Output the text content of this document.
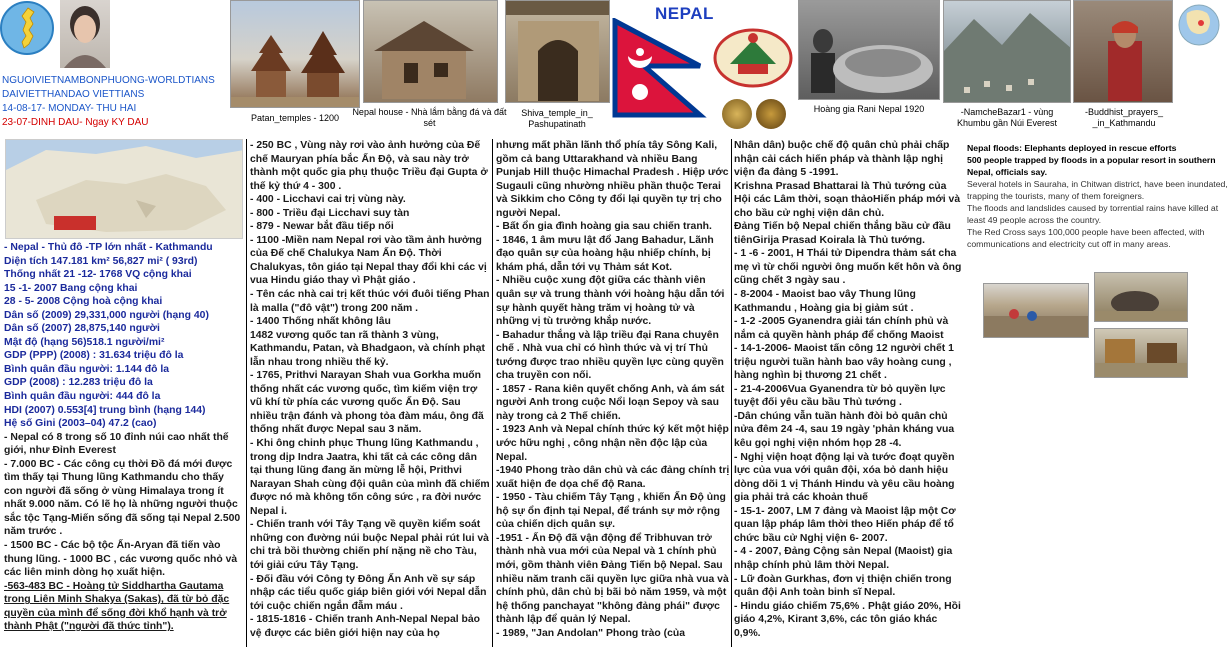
NGUOIVIETNAMBONPHUONG-WORLDTIANS
DAIVIETTHANDAO VIETTIANS
14-08-17- MONDAY- THU HAI
23-07-DINH DAU- Ngay KY DAU	Patan_temples - 1200
Nepal house - Nhà lắm bằng đá và đất sét
Shiva_temple_in_ Pashupatinath
NEPAL
Hoàng gia Rani Nepal 1920	-NamcheBazar1 - vùng Khumbu gần Núi Everest
-Buddhist_prayers_ _in_Kathmandu

- Nepal - Thủ đô -TP lớn nhất - Kathmandu

Diện tích 147.181 km² 56,827 mi² ( 93rd)

Thống nhất 21 -12- 1768 VQ cộng khai

15 -1- 2007 Bang cộng khai

28 - 5- 2008 Cộng hoà cộng khai

Dân số (2009) 29,331,000 người (hạng 40)

Dân số (2007) 28,875,140 người

Mật độ (hạng 56)518.1 người/mi²

GDP (PPP) (2008) : 31.634 triệu đô la

Bình quân đầu người: 1.144 đô la

GDP (2008) : 12.283 triệu đô la

Bình quân đầu người: 444 đô la

HDI (2007) 0.553[4] trung bình (hạng 144)

Hệ số Gini (2003–04) 47.2 (cao)

- Nepal có 8 trong số 10 đỉnh núi cao nhất thế giới, như Đỉnh Everest

- 7.000 BC - Các công cụ thời Đồ đá mới được tìm thấy tại Thung lũng Kathmandu cho thấy con người đã sống ở vùng Himalaya trong ít nhất 9.000 năm. Có lẽ họ là những người thuộc sắc tộc Tạng-Miến sống đã sống tại Nepal 2.500 năm trước .

- 1500 BC - Các bộ tộc Ấn-Aryan đã tiến vào thung lũng. - 1000 BC , các vương quốc nhỏ và các liên minh dòng họ xuất hiện.

-563-483 BC - Hoàng tử Siddhartha Gautama trong Liên Minh Shakya (Sakas), đã từ bỏ đặc quyền của mình để sống đời khổ hạnh và trở thành Phật ("người đã thức tỉnh").

- 250 BC , Vùng này rơi vào ảnh hưởng của Đế chế Mauryan phía bắc Ấn Độ, và sau này trở thành một quốc gia phụ thuộc Triều đại Gupta ở thế kỷ thứ 4 - 300 .

- 400 - Licchavi cai trị vùng này.

- 800 - Triều đại Licchavi suy tàn

- 879 - Newar bắt đầu tiếp nối

- 1100 -Miền nam Nepal rơi vào tầm ảnh hưởng của Đế chế Chalukya Nam Ấn Độ. Thời Chalukyas, tôn giáo tại Nepal thay đổi khi các vị vua Hindu giáo thay vì Phật giáo .

- Tên các nhà cai trị kết thúc với đuôi tiếng Phan là malla ("đô vật") trong 200 năm .

- 1400 Thống nhất không lâu

1482 vương quốc tan rã thành 3 vùng, Kathmandu, Patan, và Bhadgaon, và chính phạt lẫn nhau trong nhiều thế kỷ.

- 1765, Prithvi Narayan Shah vua Gorkha muốn thống nhất các vương quốc, tìm kiếm viện trợ vũ khí từ phía các vương quốc Ấn Độ. Sau nhiều trận đánh và phong tỏa đàm máu, ông đã thống nhất được Nepal sau 3 năm.

- Khi ông chinh phục Thung lũng Kathmandu , trong dịp Indra Jaatra, khi tất cả các công dân tại thung lũng đang ăn mừng lễ hội, Prithvi Narayan Shah cùng đội quân của mình đã chiếm được nó mà không tốn công sức , ra đời nước Nepal i.

- Chiến tranh với Tây Tạng về quyền kiểm soát những con đường núi buộc Nepal phải rút lui và chi trả bồi thường chiến phí nặng nề cho Tàu, tới giải cứu Tây Tạng.

- Đối đầu với Công ty Đông Ấn Anh về sự sáp nhập các tiểu quốc giáp biên giới với Nepal dẫn tới cuộc chiến ngắn đẫm máu .

- 1815-1816 - Chiến tranh Anh-Nepal Nepal bảo vệ được các biên giới hiện nay của họ

nhưng mất phần lãnh thổ phía tây Sông Kali, gồm cả bang Uttarakhand và nhiều Bang Punjab Hill thuộc Himachal Pradesh . Hiệp ước Sugauli cũng nhường nhiều phần thuộc Terai và Sikkim cho Công ty đổi lại quyền tự trị cho người Nepal.

- Bất ổn gia đình hoàng gia sau chiến tranh.

- 1846, 1 âm mưu lật đổ Jang Bahadur, Lãnh đạo quân sự của hoàng hậu nhiếp chính, bị khám phá, dẫn tới vụ Thảm sát Kot.

- Nhiều cuộc xung đột giữa các thành viên quân sự và trung thành với hoàng hậu dẫn tới sự hành quyết hàng trăm vị hoàng tử và những vị tù trưởng khắp nước.

- Bahadur thắng và lập triều đại Rana chuyên chế . Nhà vua chỉ có hình thức và vị trí Thủ tướng được trao nhiều quyền lực cùng quyền cha truyền con nối.

- 1857 - Rana kiên quyết chống Anh, và ám sát người Anh trong cuộc Nổi loạn Sepoy và sau này trong cả 2 Thế chiến.

- 1923 Anh và Nepal chính thức ký kết một hiệp ước hữu nghị , công nhận nền độc lập của Nepal.

-1940 Phong trào dân chủ và các đảng chính trị xuất hiện đe dọa chế độ Rana.

- 1950 - Tàu chiếm Tây Tạng , khiến Ấn Độ ủng hộ sự ổn định tại Nepal, để tránh sự mở rộng của chiến dịch quân sự.

-1951 - Ấn Độ đã vận động để Tribhuvan trở thành nhà vua mới của Nepal và 1 chính phủ mới, gồm thành viên Đảng Tiến bộ Nepal. Sau nhiều năm tranh cãi quyền lực giữa nhà vua và chính phủ, dân chủ bị bãi bỏ năm 1959, và một hệ thống panchayat "không đảng phái" được thành lập để quản lý Nepal.

- 1989, "Jan Andolan" Phong trào (của

Nhân dân) buộc chế độ quân chủ phải chấp nhận cải cách hiến pháp và thành lập nghị viện đa đảng 5 -1991.

Krishna Prasad Bhattarai là Thủ tướng của Hội các Lâm thời, soạn thảoHiến pháp mới và cho bầu cử nghị viện dân chủ.

Đảng Tiến bộ Nepal chiến thắng bầu cử đầu tiênGirija Prasad Koirala là Thủ tướng.

- 1 -6 - 2001, H Thái tử Dipendra thảm sát cha mẹ vì từ chối người ông muốn kết hôn và ông cũng chết 3 ngày sau .

- 8-2004 - Maoist bao vây Thung lũng Kathmandu , Hoàng gia bị giảm sút .

- 1-2 -2005 Gyanendra giải tán chính phủ và nắm cả quyền hành pháp để chống Maoist

- 14-1-2006- Maoist tấn công 12 người chết 1 triệu người tuần hành bao vây hoàng cung , hàng nghìn bị thương 21 chết .

- 21-4-2006Vua Gyanendra từ bỏ quyền lực tuyệt đối yêu cầu bầu Thủ tướng .

-Dân chúng vẫn tuần hành đòi bỏ quân chủ nửa đêm 24 -4, sau 19 ngày 'phản kháng vua kêu gọi nghị viện nhóm họp 28 -4.

- Nghị viện hoạt động lại và tước đoạt quyền lực của vua với quân đội, xóa bỏ danh hiệu dòng dõi 1 vị Thánh Hindu và yêu cầu hoàng gia phải trả các khoản thuế

- 15-1- 2007, LM 7 đảng và Maoist lập một Cơ quan lập pháp lâm thời theo Hiến pháp để tổ chức bầu cử Nghị viện 6- 2007.

- 4 - 2007, Đảng Cộng sản Nepal (Maoist) gia nhập chính phủ lâm thời Nepal.

- Lữ đoàn Gurkhas, đơn vị thiện chiến trong quân đội Anh toàn binh sĩ Nepal.

- Hindu giáo chiếm 75,6% . Phật giáo 20%, Hồi giáo 4,2%, Kirant 3,6%, các tôn giáo khác 0,9%.

Nepal floods: Elephants deployed in rescue efforts
500 people trapped by floods in a popular resort in southern Nepal, officials say.
Several hotels in Sauraha, in Chitwan district, have been inundated, trapping the tourists, many of them foreigners.
The floods and landslides caused by torrential rains have killed at least 49 people across the country.
The Red Cross says 100,000 people have been affected, with communications and electricity cut off in many areas.
